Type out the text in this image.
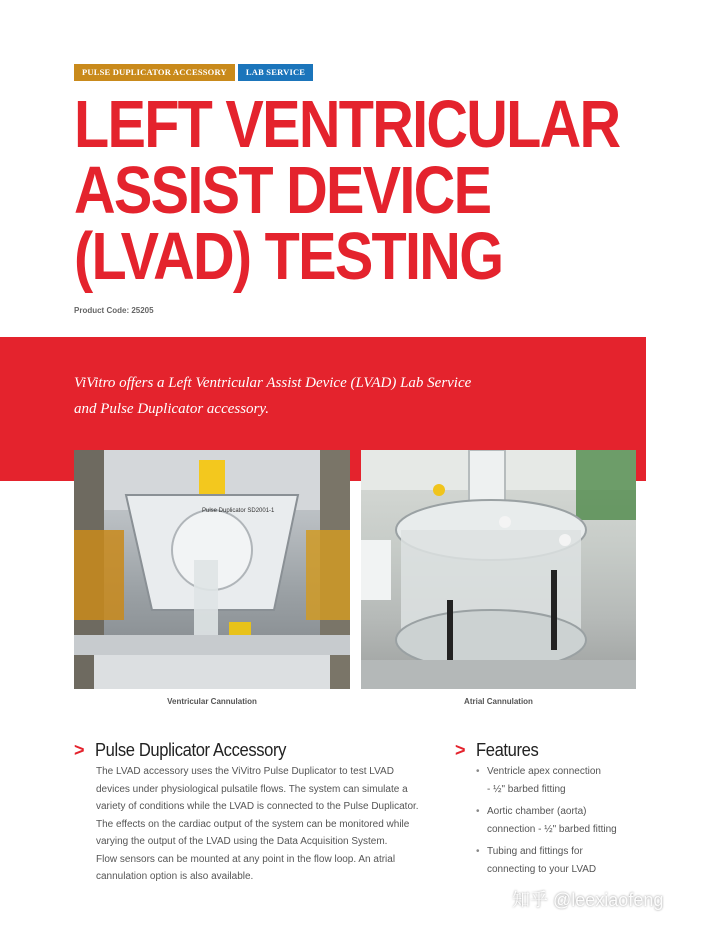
PULSE DUPLICATOR ACCESSORY	LAB SERVICE
LEFT VENTRICULAR
ASSIST DEVICE
(LVAD) TESTING
Product Code: 25205
ViVitro offers a Left Ventricular Assist Device (LVAD) Lab Service
and Pulse Duplicator accessory.
Pulse Duplicator SD2001-1
Ventricular Cannulation	Atrial Cannulation
> Pulse Duplicator Accessory

The LVAD accessory uses the ViVitro Pulse Duplicator to test LVAD

devices under physiological pulsatile flows. The system can simulate a

variety of conditions while the LVAD is connected to the Pulse Duplicator.

The effects on the cardiac output of the system can be monitored while

varying the output of the LVAD using the Data Acquisition System.

Flow sensors can be mounted at any point in the flow loop. An atrial

cannulation option is also available.

> Features
• Ventricle apex connection
- ½" barbed fitting
• Aortic chamber (aorta)
connection - ½" barbed fitting
• Tubing and fittings for
connecting to your LVAD
知乎 @leexiaofeng
